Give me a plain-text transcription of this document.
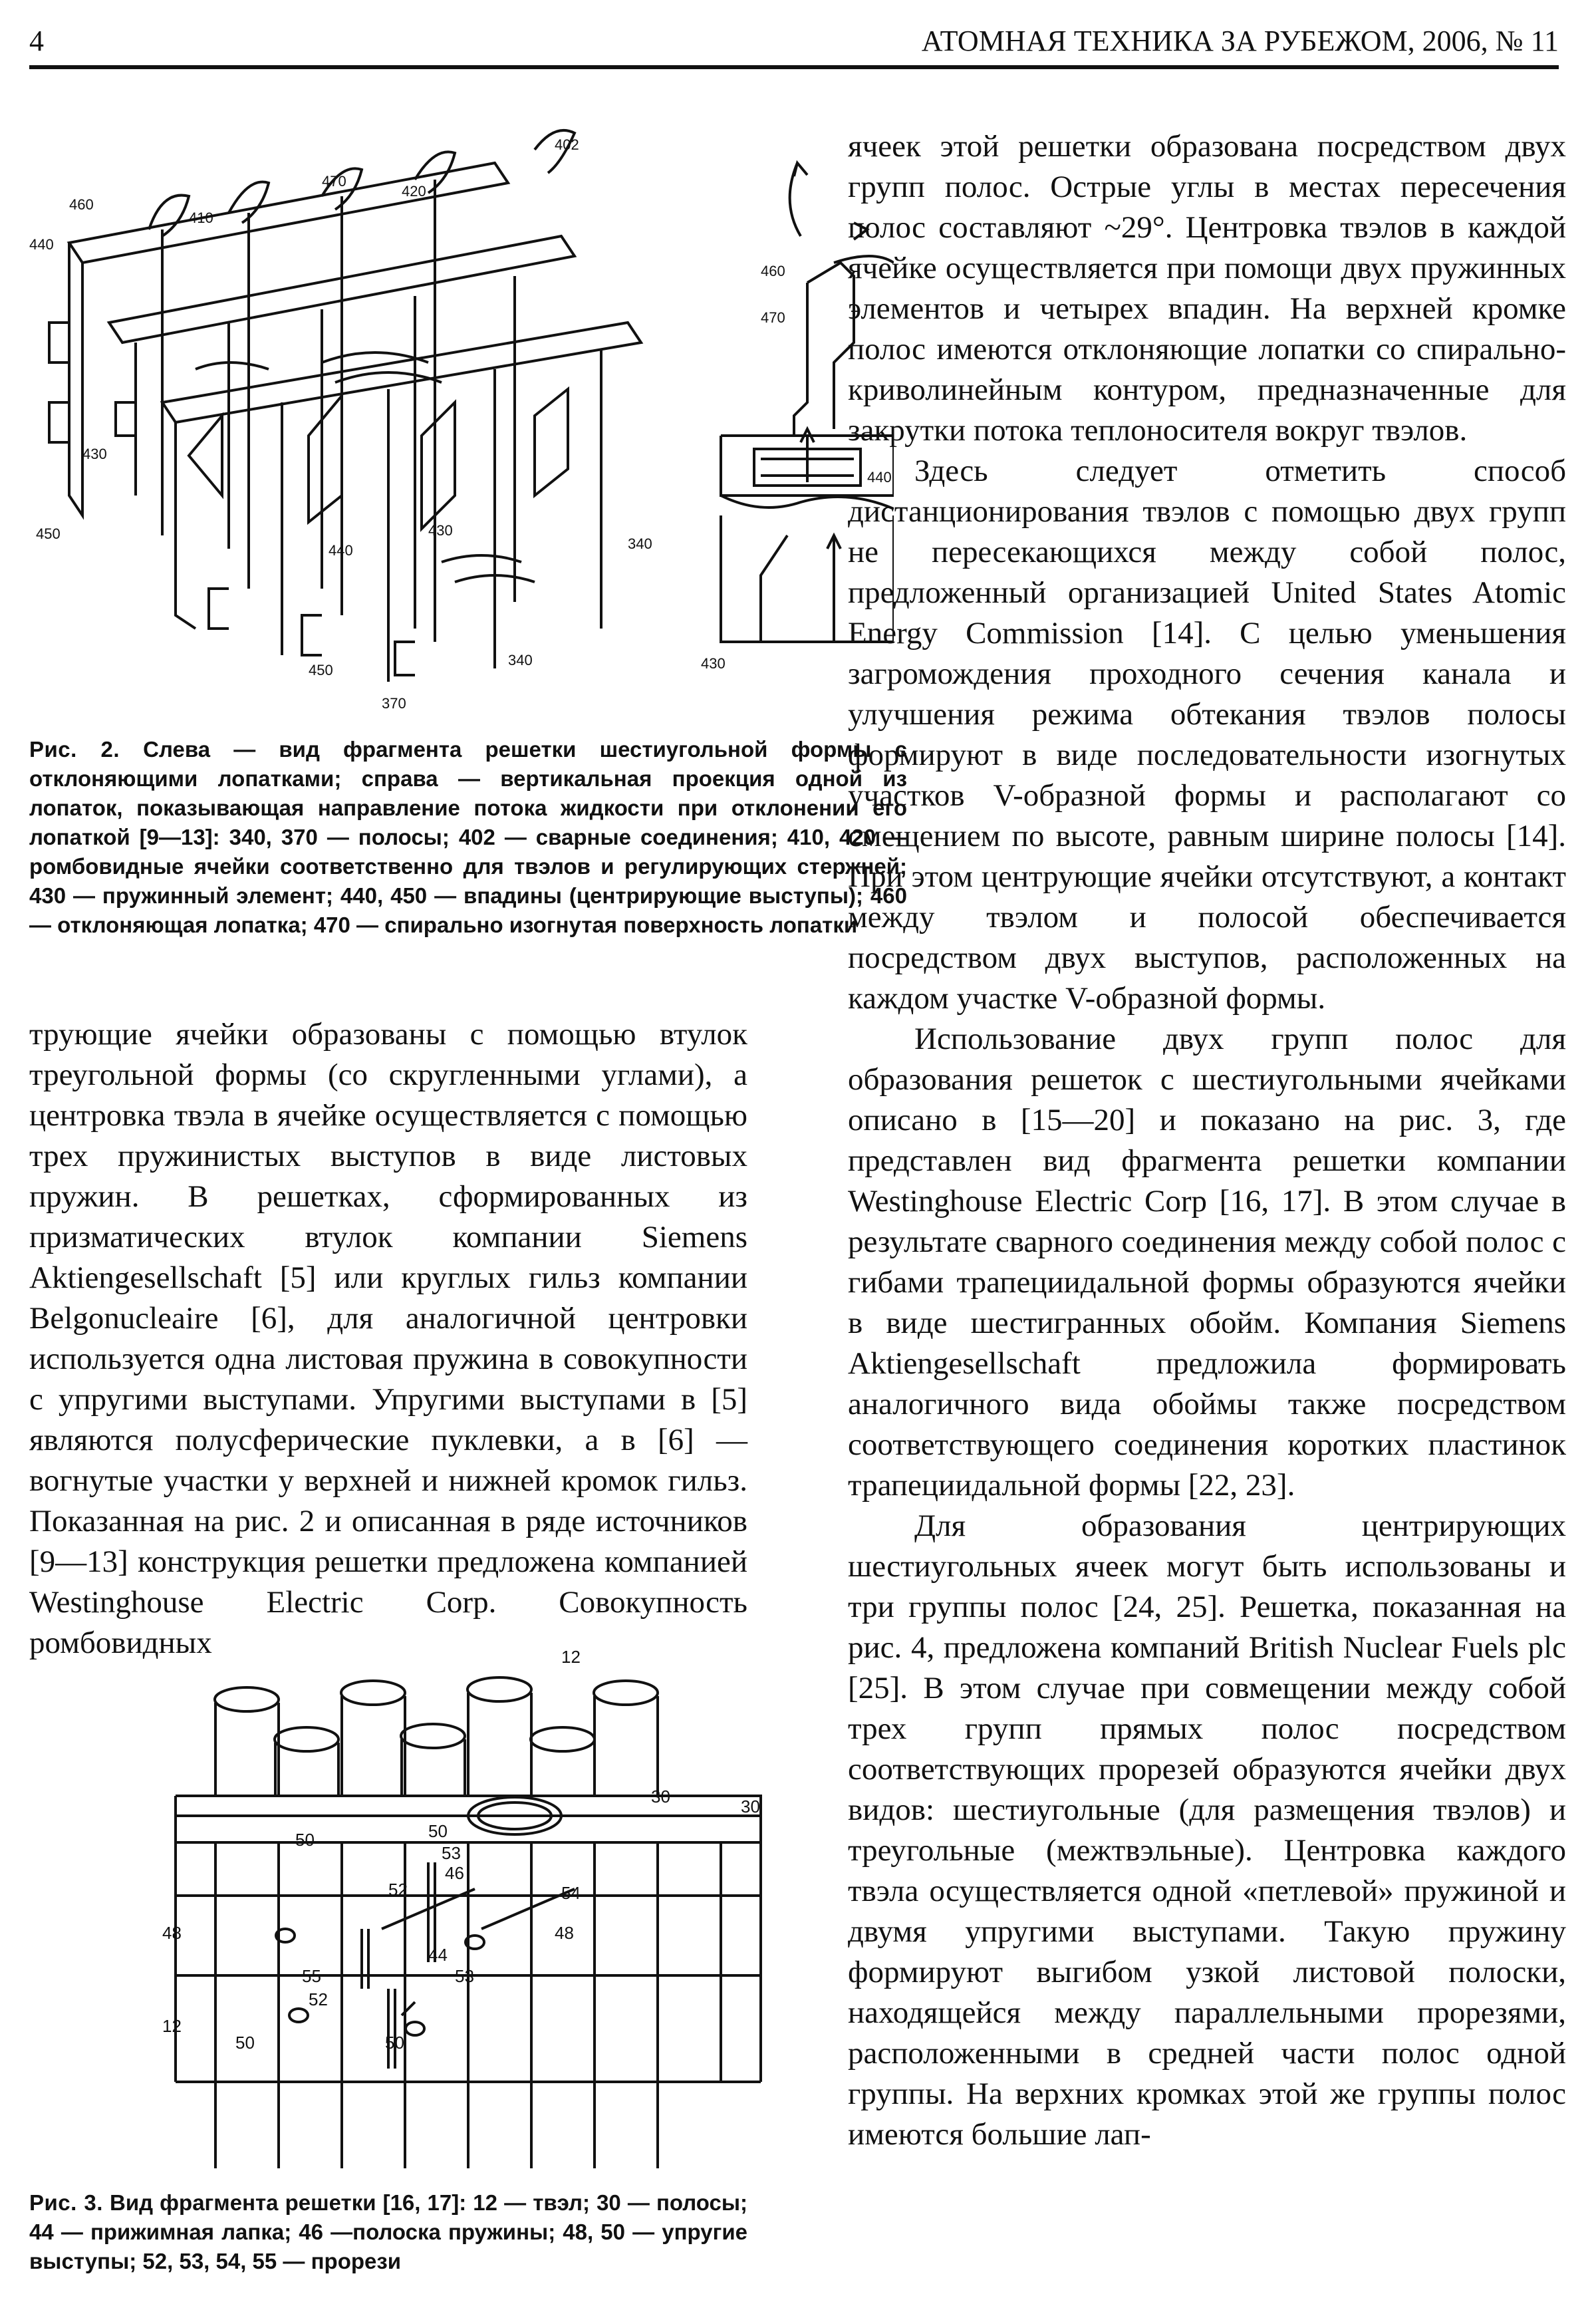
4	АТОМНАЯ ТЕХНИКА ЗА РУБЕЖОМ, 2006, № 11
402
470
420
460
410
440
430
450
440
430
450
370
340
460
470
440
340
430
Рис. 2. Слева — вид фрагмента решетки шестиугольной формы с отклоняющими лопатками; справа — вертикальная проекция одной из лопаток, показывающая направление потока жидкости при отклонении его лопаткой [9—13]: 340, 370 — полосы; 402 — сварные соединения; 410, 420 — ромбовидные ячейки соответственно для твэлов и регулирующих стержней; 430 — пружинный элемент; 440, 450 — впадины (центрирующие выступы); 460 — отклоняющая лопатка; 470 — спирально изогнутая поверхность лопатки

трующие ячейки образованы с помощью втулок треугольной формы (со скругленными углами), а центровка твэла в ячейке осуществляется с помощью трех пружинистых выступов в виде листовых пружин. В решетках, сформированных из призматических втулок компании Siemens Aktiengesellschaft [5] или круглых гильз компании Belgonucleaire [6], для аналогичной центровки используется одна листовая пружина в совокупности с упругими выступами. Упругими выступами в [5] являются полусферические пуклевки, а в [6] — вогнутые участки у верхней и нижней кромок гильз. Показанная на рис. 2 и описанная в ряде источников [9—13] конструкция решетки предложена компанией Westinghouse Electric Corp. Совокупность ромбовидных	12
30	30
50	50
53
46
52	54
48	48
44
55	53
52
12
50	50
Рис. 3. Вид фрагмента решетки [16, 17]: 12 — твэл; 30 — полосы; 44 — прижимная лапка; 46 —полоска пружины; 48, 50 — упругие выступы; 52, 53, 54, 55 — прорези

ячеек этой решетки образована посредством двух групп полос. Острые углы в местах пересечения полос составляют ~29°. Центровка твэлов в каждой ячейке осуществляется при помощи двух пружинных элементов и четырех впадин. На верхней кромке полос имеются отклоняющие лопатки со спирально-криволинейным контуром, предназначенные для закрутки потока теплоносителя вокруг твэлов.

Здесь следует отметить способ дистанционирования твэлов с помощью двух групп не пересекающихся между собой полос, предложенный организацией United States Atomic Energy Commission [14]. С целью уменьшения загромождения проходного сечения канала и улучшения режима обтекания твэлов полосы формируют в виде последовательности изогнутых участков V-образной формы и располагают со смещением по высоте, равным ширине полосы [14]. При этом центрующие ячейки отсутствуют, а контакт между твэлом и полосой обеспечивается посредством двух выступов, расположенных на каждом участке V-образной формы.

Использование двух групп полос для образования решеток с шестиугольными ячейками описано в [15—20] и показано на рис. 3, где представлен вид фрагмента решетки компании Westinghouse Electric Corp [16, 17]. В этом случае в результате сварного соединения между собой полос с гибами трапециидальной формы образуются ячейки в виде шестигранных обойм. Компания Siemens Aktiengesellschaft предложила формировать аналогичного вида обоймы также посредством соответствующего соединения коротких пластинок трапециидальной формы [22, 23].

Для образования центрирующих шестиугольных ячеек могут быть использованы и три группы полос [24, 25]. Решетка, показанная на рис. 4, предложена компаний British Nuclear Fuels plc [25]. В этом случае при совмещении между собой трех групп прямых полос посредством соответствующих прорезей образуются ячейки двух видов: шестиугольные (для размещения твэлов) и треугольные (межтвэльные). Центровка каждого твэла осуществляется одной «петлевой» пружиной и двумя упругими выступами. Такую пружину формируют выгибом узкой листовой полоски, находящейся между параллельными прорезями, расположенными в средней части полос одной группы. На верхних кромках этой же группы полос имеются большие лап-
